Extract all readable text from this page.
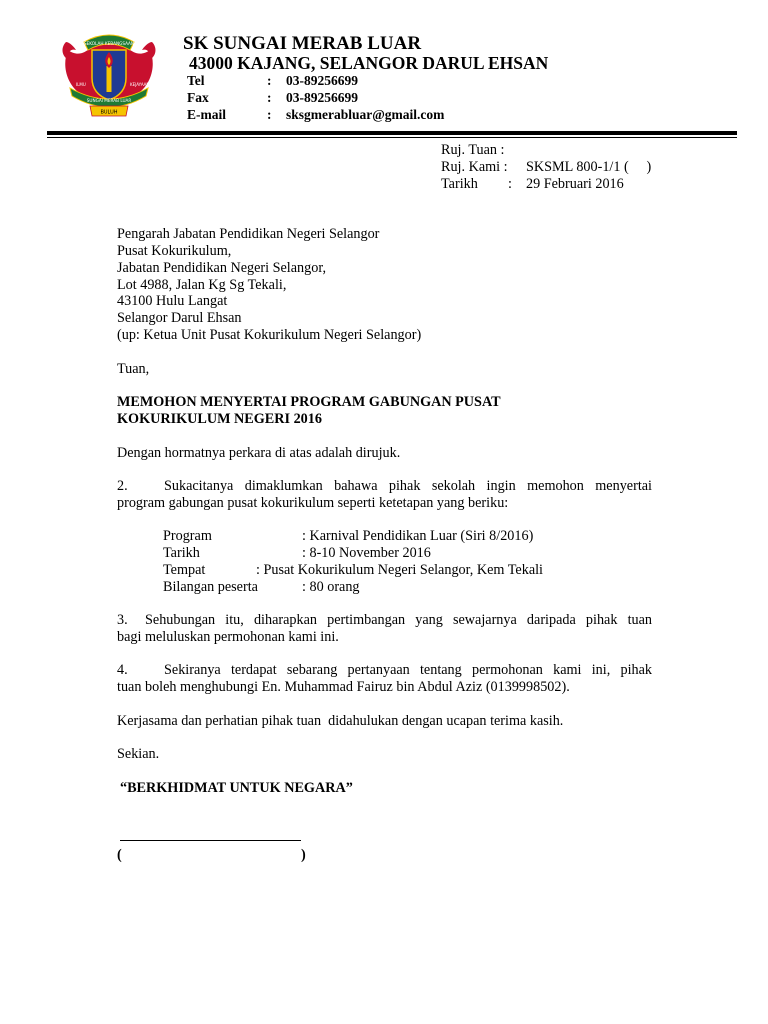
SEKOLAH KEBANGSAAN
ILMU	KEJAYAAN
SUNGAI MERAB LUAR
BULUH
SK SUNGAI MERAB LUAR
43000 KAJANG, SELANGOR DARUL EHSAN
Tel	: 03-89256699
Fax	: 03-89256699
E-mail	: sksgmerabluar@gmail.com
Ruj. Tuan :
Ruj. Kami : SKSML 800-1/1 (     )
Tarikh : 29 Februari 2016
Pengarah Jabatan Pendidikan Negeri Selangor
Pusat Kokurikulum,
Jabatan Pendidikan Negeri Selangor,
Lot 4988, Jalan Kg Sg Tekali,
43100 Hulu Langat
Selangor Darul Ehsan
(up: Ketua Unit Pusat Kokurikulum Negeri Selangor)
Tuan,
MEMOHON MENYERTAI PROGRAM GABUNGAN PUSAT
KOKURIKULUM NEGERI 2016
Dengan hormatnya perkara di atas adalah dirujuk.
2.	Sukacitanya dimaklumkan bahawa pihak sekolah ingin memohon menyertai
program gabungan pusat kokurikulum seperti ketetapan yang beriku:
Program	: Karnival Pendidikan Luar (Siri 8/2016)
Tarikh	: 8-10 November 2016
Tempat	: Pusat Kokurikulum Negeri Selangor, Kem Tekali
Bilangan peserta	: 80 orang
3. Sehubungan itu, diharapkan pertimbangan yang sewajarnya daripada pihak tuan
bagi meluluskan permohonan kami ini.
4.	Sekiranya terdapat sebarang pertanyaan tentang permohonan kami ini, pihak
tuan boleh menghubungi En. Muhammad Fairuz bin Abdul Aziz (0139998502).
Kerjasama dan perhatian pihak tuan  didahulukan dengan ucapan terima kasih.
Sekian.
“BERKHIDMAT UNTUK NEGARA”
(	)
